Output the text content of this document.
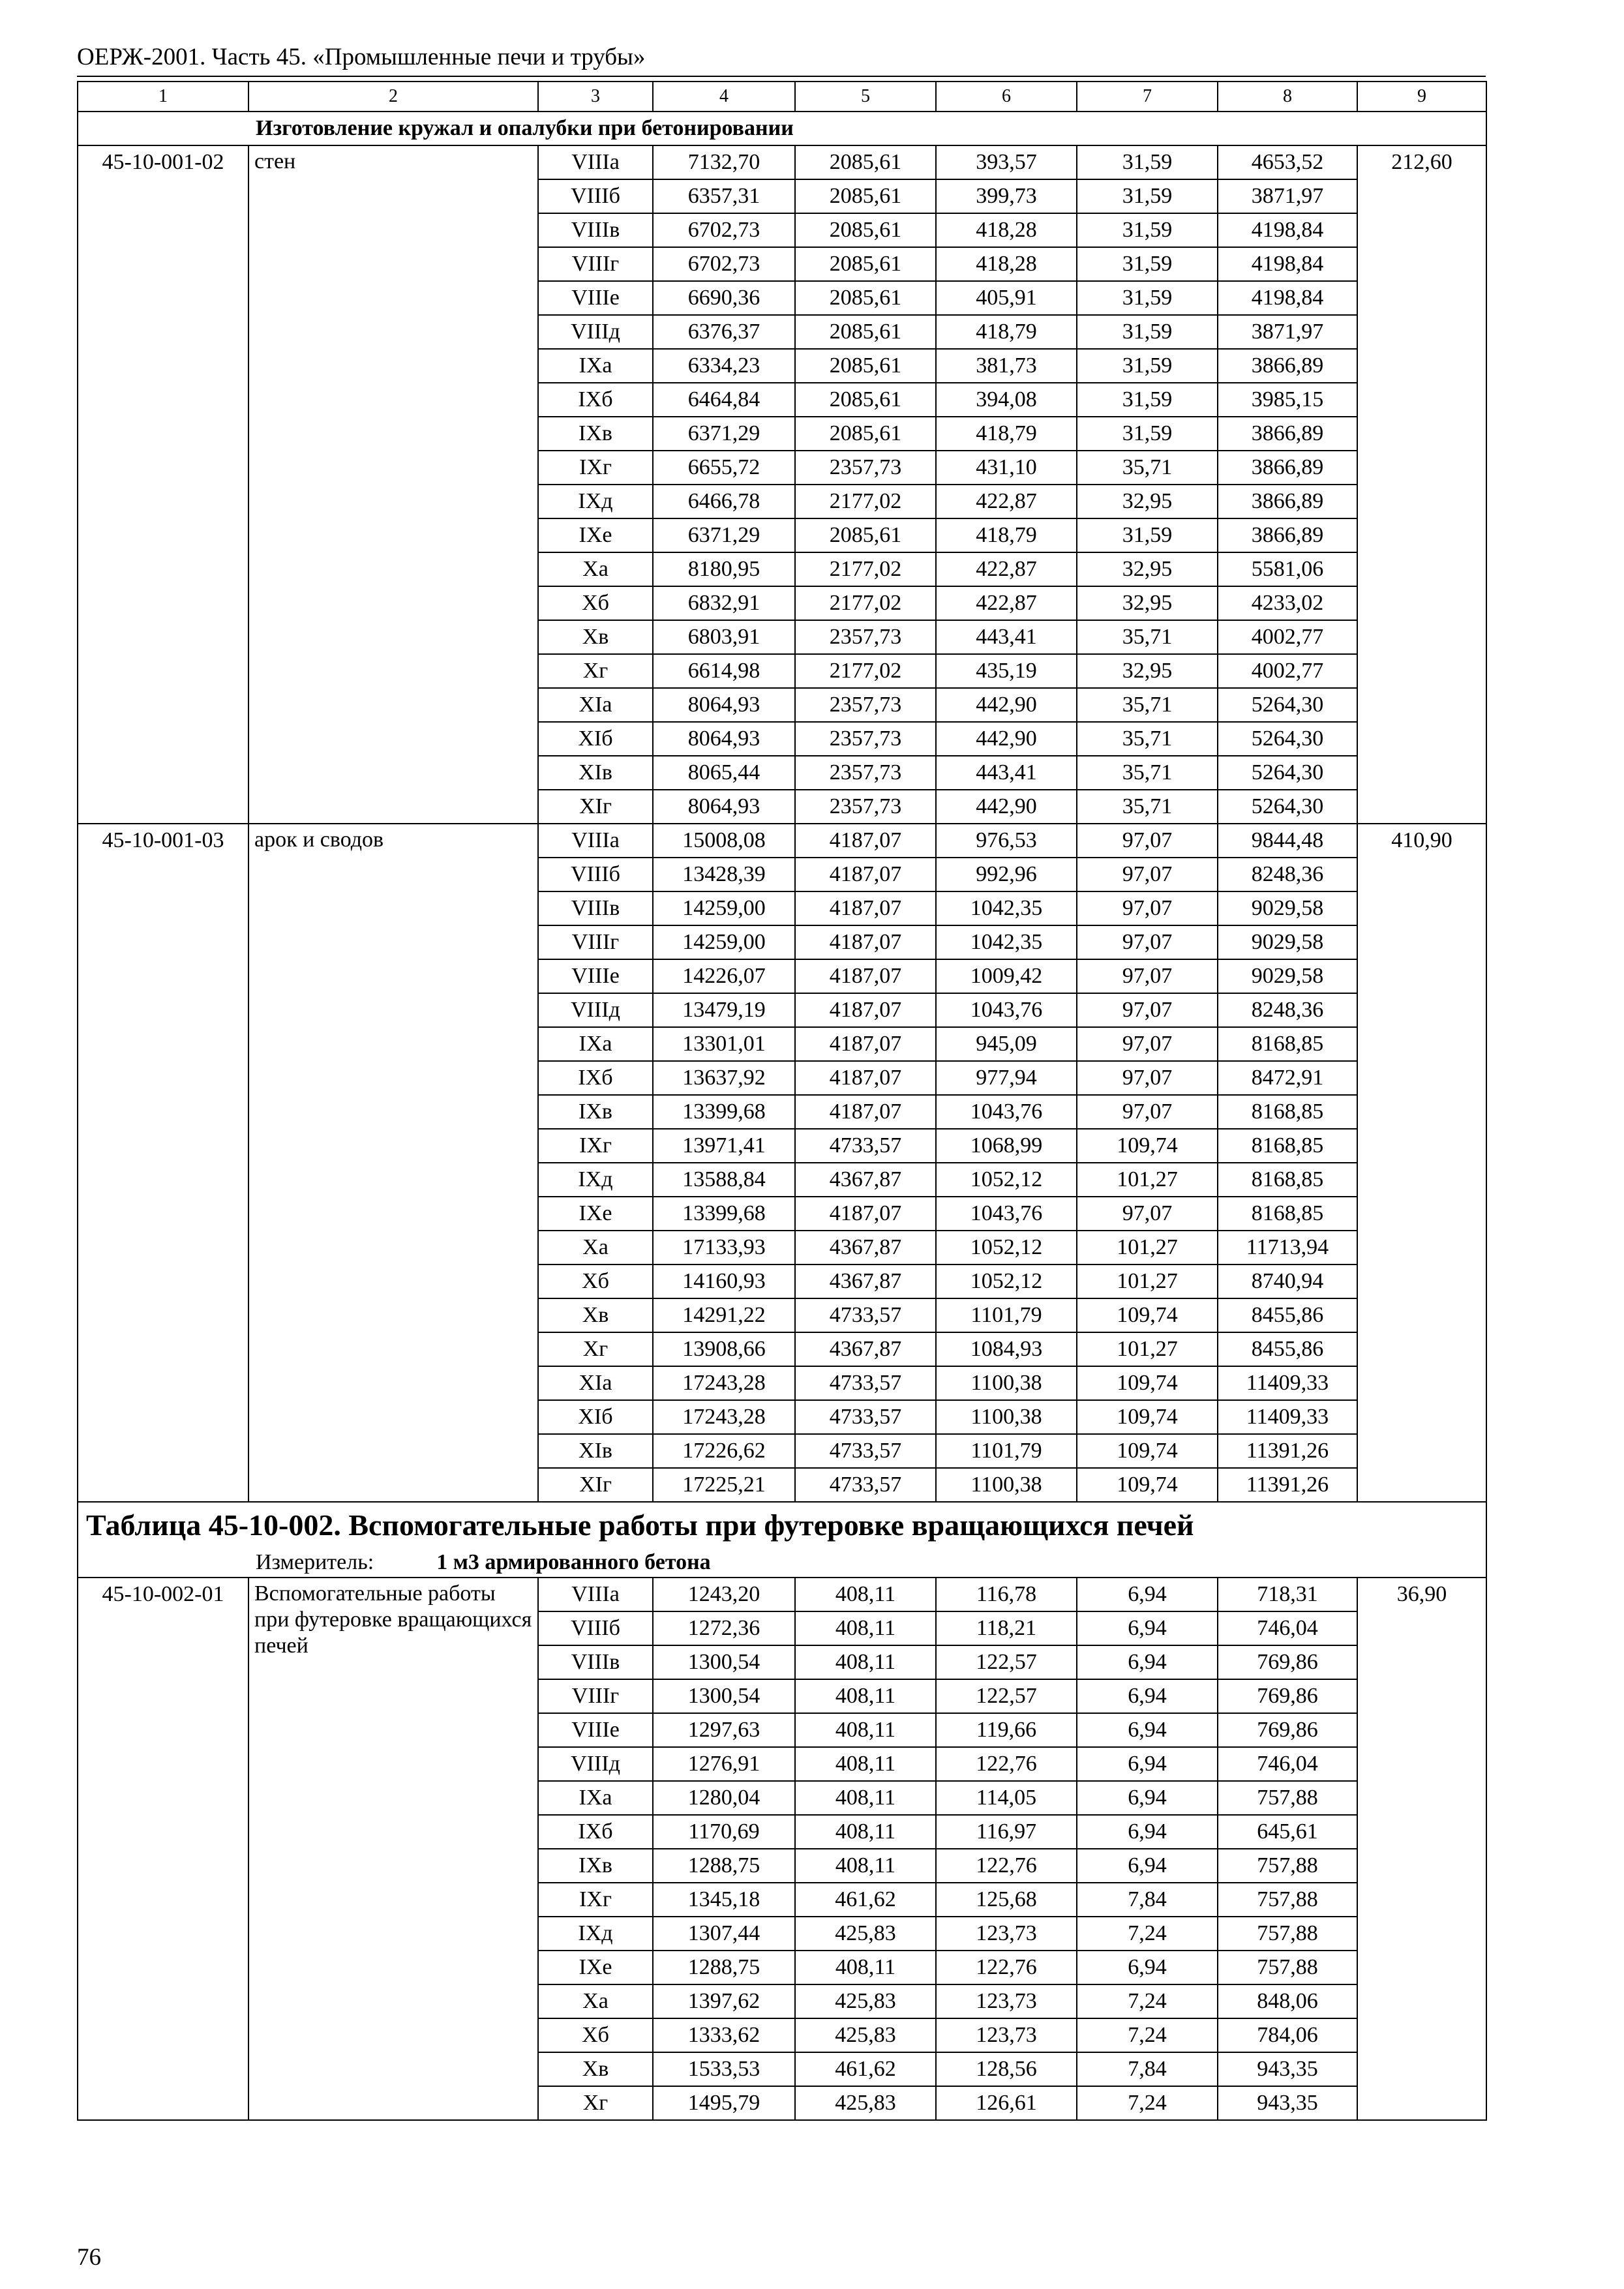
ОЕРЖ-2001. Часть 45. «Промышленные печи и трубы»
1	2	3	4	5	6	7	8	9
Изготовление кружал и опалубки при бетонировании								
45-10-001-02	стен	VIIIа	7132,70	2085,61	393,57	31,59	4653,52	212,60
		VIIIб	6357,31	2085,61	399,73	31,59	3871,97	
		VIIIв	6702,73	2085,61	418,28	31,59	4198,84	
		VIIIг	6702,73	2085,61	418,28	31,59	4198,84	
		VIIIе	6690,36	2085,61	405,91	31,59	4198,84	
		VIIIд	6376,37	2085,61	418,79	31,59	3871,97	
		IXа	6334,23	2085,61	381,73	31,59	3866,89	
		IXб	6464,84	2085,61	394,08	31,59	3985,15	
		IXв	6371,29	2085,61	418,79	31,59	3866,89	
		IXг	6655,72	2357,73	431,10	35,71	3866,89	
		IXд	6466,78	2177,02	422,87	32,95	3866,89	
		IXе	6371,29	2085,61	418,79	31,59	3866,89	
		Xа	8180,95	2177,02	422,87	32,95	5581,06	
		Xб	6832,91	2177,02	422,87	32,95	4233,02	
		Xв	6803,91	2357,73	443,41	35,71	4002,77	
		Xг	6614,98	2177,02	435,19	32,95	4002,77	
		XIа	8064,93	2357,73	442,90	35,71	5264,30	
		XIб	8064,93	2357,73	442,90	35,71	5264,30	
		XIв	8065,44	2357,73	443,41	35,71	5264,30	
		XIг	8064,93	2357,73	442,90	35,71	5264,30	
45-10-001-03	арок и сводов	VIIIа	15008,08	4187,07	976,53	97,07	9844,48	410,90
		VIIIб	13428,39	4187,07	992,96	97,07	8248,36	
		VIIIв	14259,00	4187,07	1042,35	97,07	9029,58	
		VIIIг	14259,00	4187,07	1042,35	97,07	9029,58	
		VIIIе	14226,07	4187,07	1009,42	97,07	9029,58	
		VIIIд	13479,19	4187,07	1043,76	97,07	8248,36	
		IXа	13301,01	4187,07	945,09	97,07	8168,85	
		IXб	13637,92	4187,07	977,94	97,07	8472,91	
		IXв	13399,68	4187,07	1043,76	97,07	8168,85	
		IXг	13971,41	4733,57	1068,99	109,74	8168,85	
		IXд	13588,84	4367,87	1052,12	101,27	8168,85	
		IXе	13399,68	4187,07	1043,76	97,07	8168,85	
		Xа	17133,93	4367,87	1052,12	101,27	11713,94	
		Xб	14160,93	4367,87	1052,12	101,27	8740,94	
		Xв	14291,22	4733,57	1101,79	109,74	8455,86	
		Xг	13908,66	4367,87	1084,93	101,27	8455,86	
		XIа	17243,28	4733,57	1100,38	109,74	11409,33	
		XIб	17243,28	4733,57	1100,38	109,74	11409,33	
		XIв	17226,62	4733,57	1101,79	109,74	11391,26	
		XIг	17225,21	4733,57	1100,38	109,74	11391,26	
Таблица 45-10-002. Вспомогательные работы при футеровке вращающихся печей								
Измеритель: 1 м3 армированного бетона								
45-10-002-01	Вспомогательные работы при футеровке вращающихся печей	VIIIа	1243,20	408,11	116,78	6,94	718,31	36,90
		VIIIб	1272,36	408,11	118,21	6,94	746,04	
		VIIIв	1300,54	408,11	122,57	6,94	769,86	
		VIIIг	1300,54	408,11	122,57	6,94	769,86	
		VIIIе	1297,63	408,11	119,66	6,94	769,86	
		VIIIд	1276,91	408,11	122,76	6,94	746,04	
		IXа	1280,04	408,11	114,05	6,94	757,88	
		IXб	1170,69	408,11	116,97	6,94	645,61	
		IXв	1288,75	408,11	122,76	6,94	757,88	
		IXг	1345,18	461,62	125,68	7,84	757,88	
		IXд	1307,44	425,83	123,73	7,24	757,88	
		IXе	1288,75	408,11	122,76	6,94	757,88	
		Xа	1397,62	425,83	123,73	7,24	848,06	
		Xб	1333,62	425,83	123,73	7,24	784,06	
		Xв	1533,53	461,62	128,56	7,84	943,35	
		Xг	1495,79	425,83	126,61	7,24	943,35	
76
